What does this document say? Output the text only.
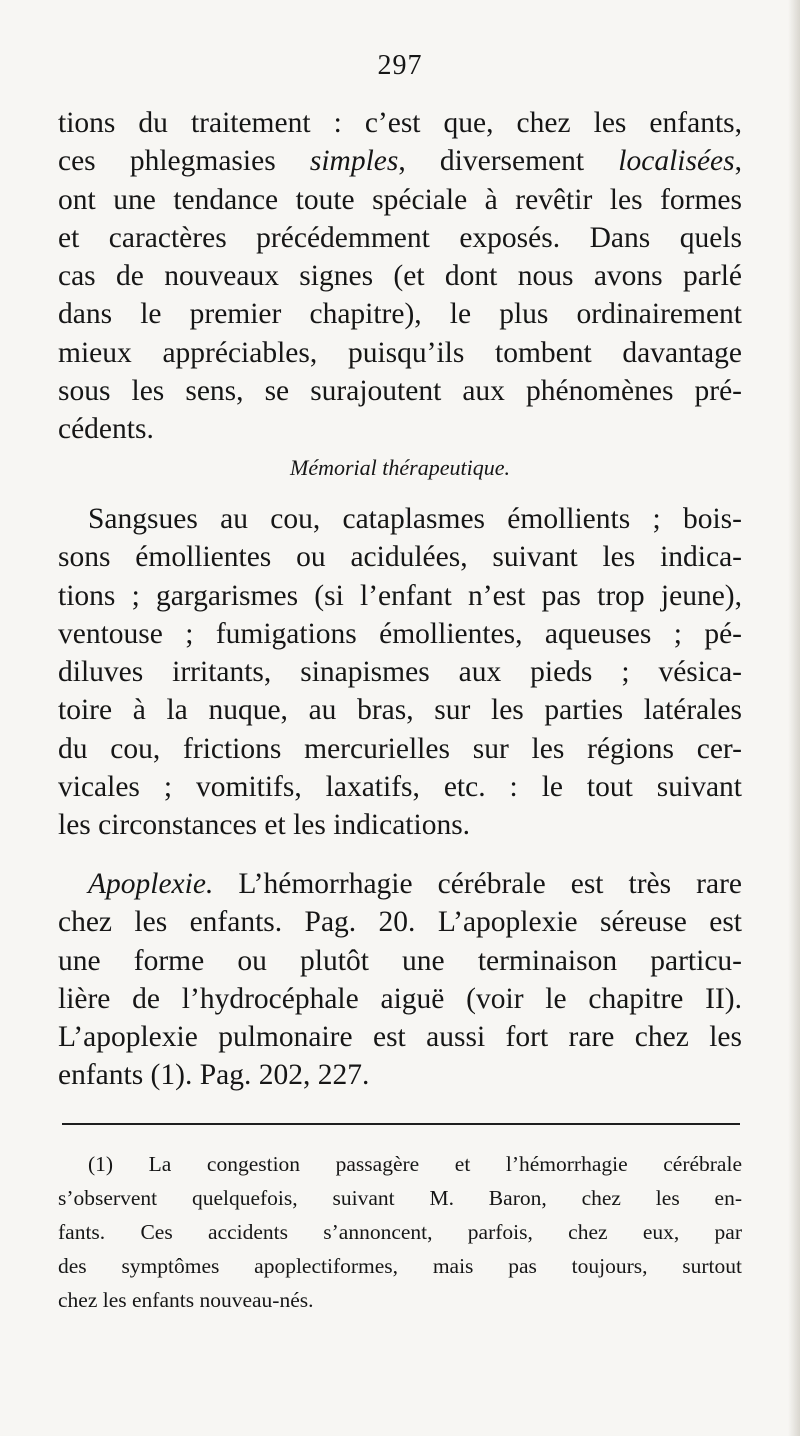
297
tions du traitement : c’est que, chez les enfants,
ces phlegmasies simples, diversement localisées,
ont une tendance toute spéciale à revêtir les formes
et caractères précédemment exposés. Dans quels
cas de nouveaux signes (et dont nous avons parlé
dans le premier chapitre), le plus ordinairement
mieux appréciables, puisqu’ils tombent davantage
sous les sens, se surajoutent aux phénomènes pré-
cédents.
Mémorial thérapeutique.
Sangsues au cou, cataplasmes émollients ; bois-
sons émollientes ou acidulées, suivant les indica-
tions ; gargarismes (si l’enfant n’est pas trop jeune),
ventouse ; fumigations émollientes, aqueuses ; pé-
diluves irritants, sinapismes aux pieds ; vésica-
toire à la nuque, au bras, sur les parties latérales
du cou, frictions mercurielles sur les régions cer-
vicales ; vomitifs, laxatifs, etc. : le tout suivant
les circonstances et les indications.
Apoplexie. L’hémorrhagie cérébrale est très rare
chez les enfants. Pag. 20. L’apoplexie séreuse est
une forme ou plutôt une terminaison particu-
lière de l’hydrocéphale aiguë (voir le chapitre II).
L’apoplexie pulmonaire est aussi fort rare chez les
enfants (1). Pag. 202, 227.
(1) La congestion passagère et l’hémorrhagie cérébrale
s’observent quelquefois, suivant M. Baron, chez les en-
fants. Ces accidents s’annoncent, parfois, chez eux, par
des symptômes apoplectiformes, mais pas toujours, surtout
chez les enfants nouveau-nés.
